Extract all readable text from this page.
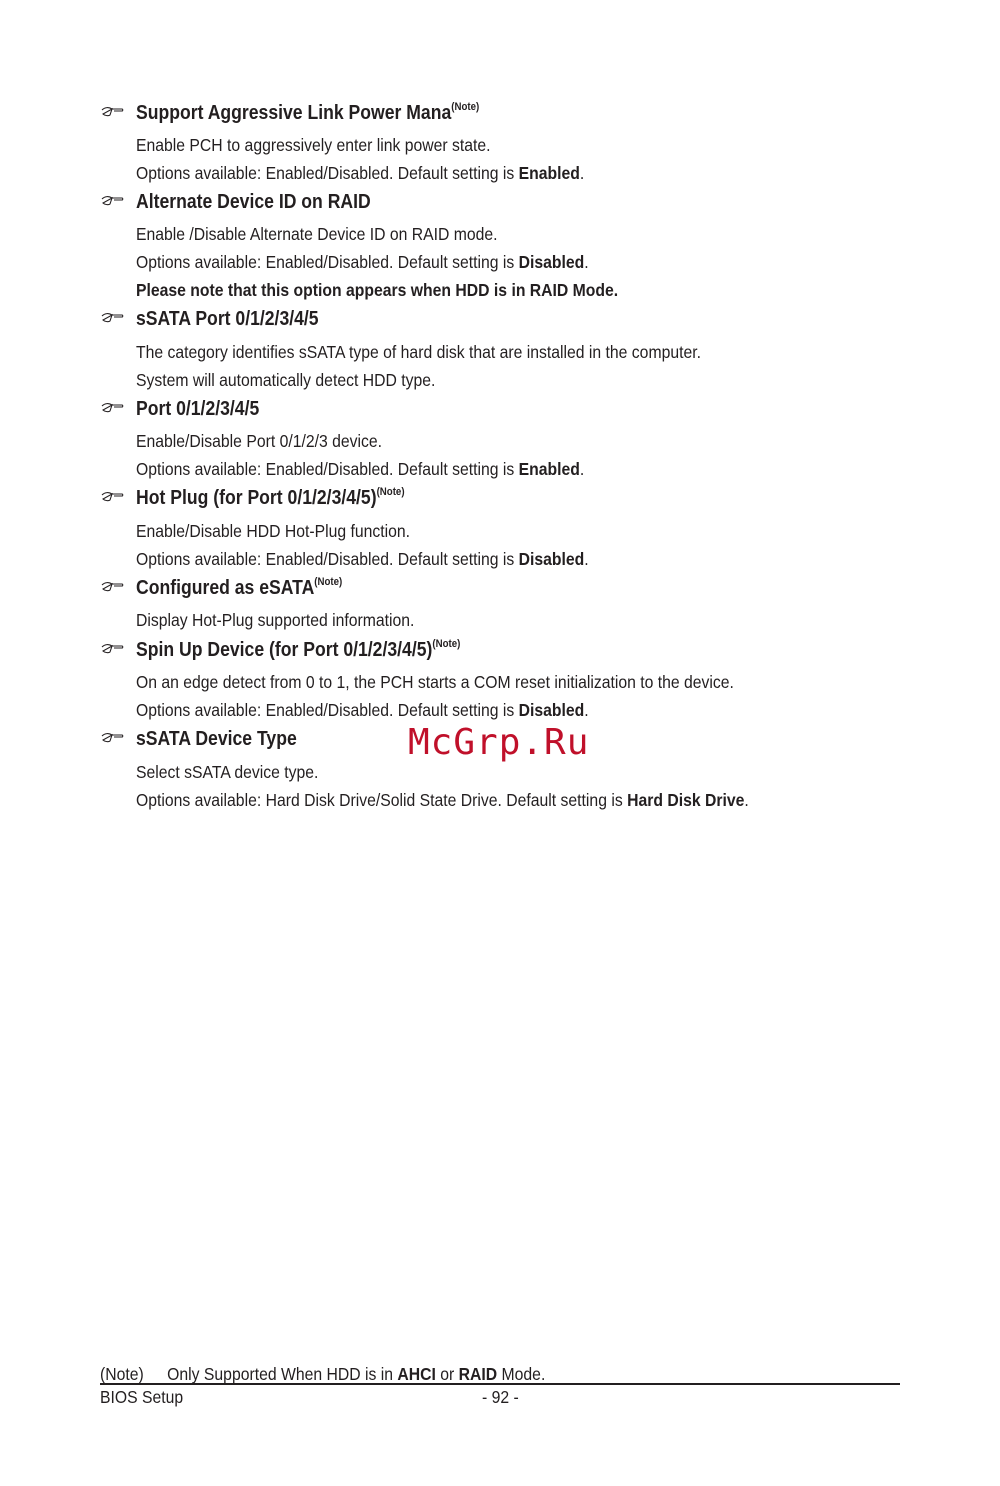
Support Aggressive Link Power Mana$^{(Note)}$
Enable PCH to aggressively enter link power state.
Options available: Enabled/Disabled. Default setting is Enabled.
Alternate Device ID on RAID
Enable /Disable Alternate Device ID on RAID mode.
Options available: Enabled/Disabled. Default setting is Disabled.
Please note that this option appears when HDD is in RAID Mode.
sSATA Port 0/1/2/3/4/5
The category identifies sSATA type of hard disk that are installed in the computer.
System will automatically detect HDD type.
Port 0/1/2/3/4/5
Enable/Disable Port 0/1/2/3 device.
Options available: Enabled/Disabled. Default setting is Enabled.
Hot Plug (for Port 0/1/2/3/4/5)$^{(Note)}$
Enable/Disable HDD Hot-Plug function.
Options available: Enabled/Disabled. Default setting is Disabled.
Configured as eSATA$^{(Note)}$
Display Hot-Plug supported information.
Spin Up Device (for Port 0/1/2/3/4/5)$^{(Note)}$
On an edge detect from 0 to 1, the PCH starts a COM reset initialization to the device.
Options available: Enabled/Disabled. Default setting is Disabled.
sSATA Device Type
Select sSATA device type.
Options available: Hard Disk Drive/Solid State Drive. Default setting is Hard Disk Drive.
McGrp.Ru
(Note) Only Supported When HDD is in AHCI or RAID Mode.
BIOS Setup	- 92 -
